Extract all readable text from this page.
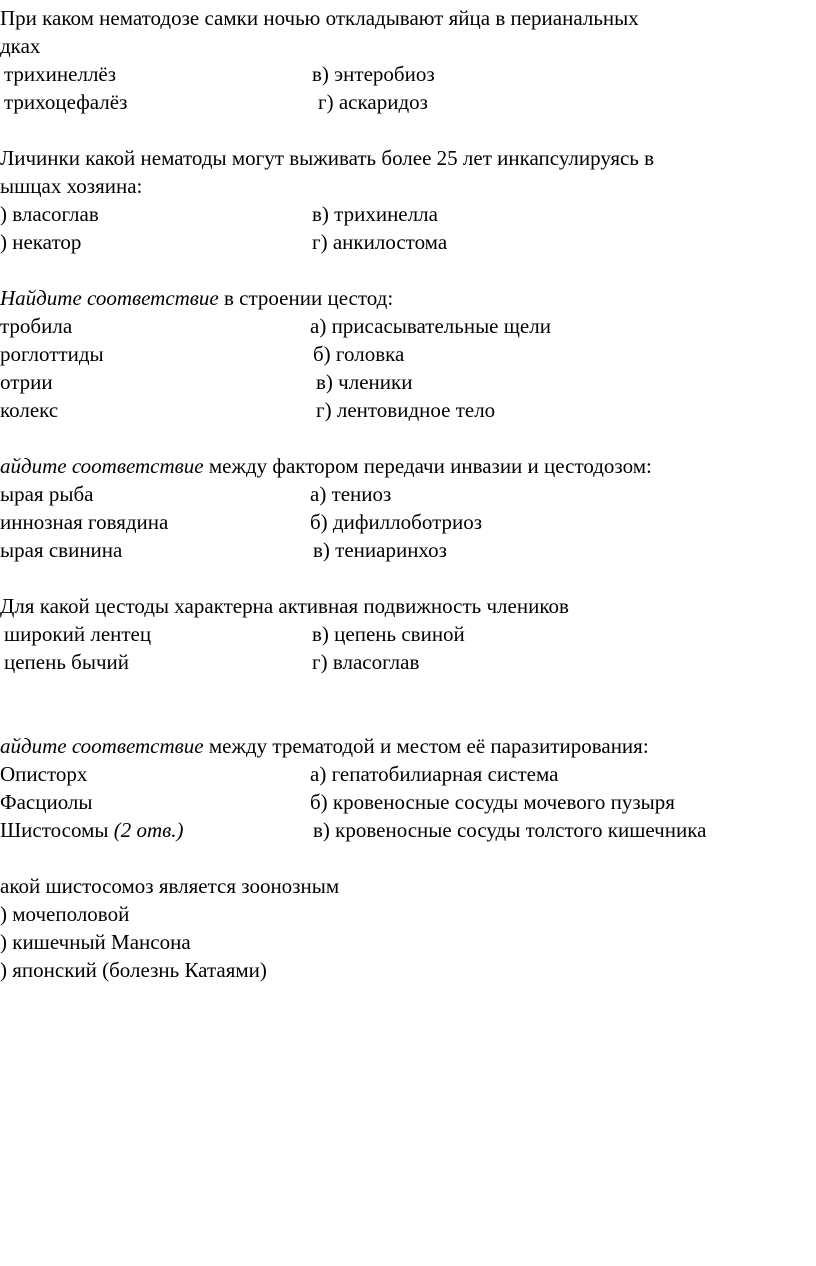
При каком нематодозе самки ночью откладывают яйца в перианальных
дках
трихинеллёз	в) энтеробиоз
трихоцефалёз	г) аскаридоз
Личинки какой нематоды могут выживать более 25 лет инкапсулируясь в
ышцах хозяина:
) власоглав	в) трихинелла
) некатор	г) анкилостома
Найдите соответствие в строении цестод:
тробила	а) присасывательные щели
роглоттиды	б) головка
отрии	в) членики
колекс	г) лентовидное тело
айдите соответствие между фактором передачи инвазии и цестодозом:
ырая рыба	а) тениоз
иннозная говядина	б) дифиллоботриоз
ырая свинина	в) тениаринхоз
Для какой цестоды характерна активная подвижность члеников
широкий лентец	в) цепень свиной
цепень бычий	г) власоглав
айдите соответствие между трематодой и местом её паразитирования:
Описторх	а) гепатобилиарная система
Фасциолы	б) кровеносные сосуды мочевого пузыря
Шистосомы (2 отв.)	в) кровеносные сосуды толстого кишечника
акой шистосомоз является зоонозным
) мочеполовой
) кишечный Мансона
) японский (болезнь Катаями)
